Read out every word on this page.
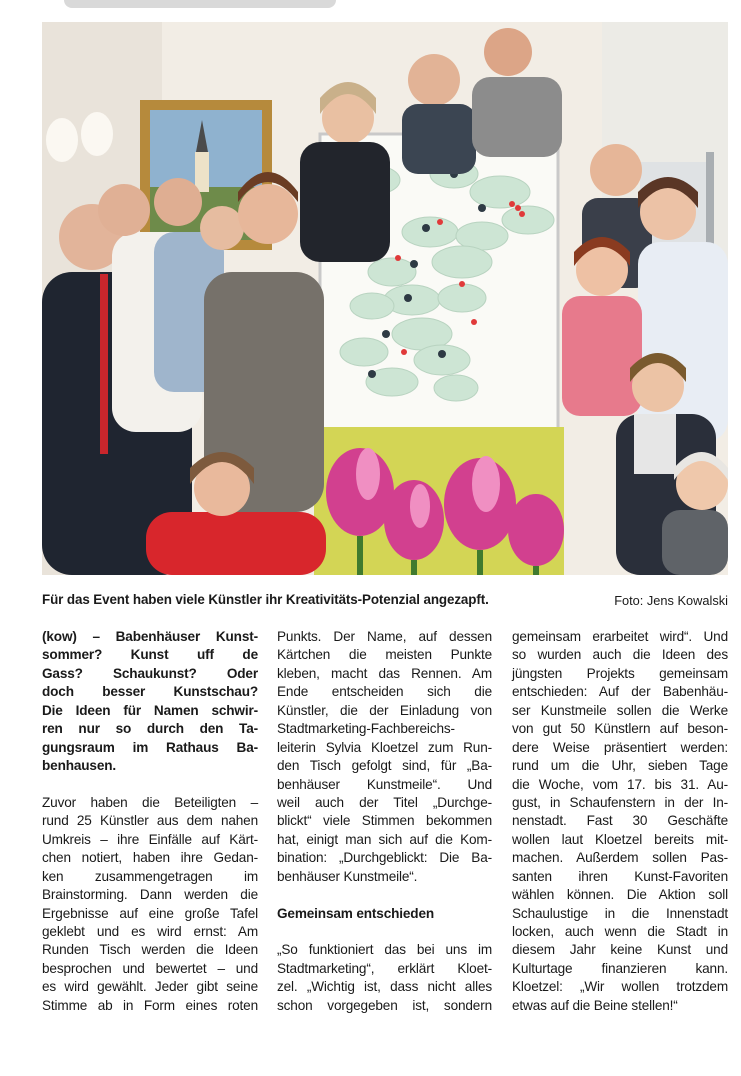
Für das Event haben viele Künstler ihr Kreativitäts-Potenzial angezapft.	Foto: Jens Kowalski
(kow) – Babenhäuser Kunst-
sommer? Kunst uff de
Gass? Schaukunst? Oder
doch besser Kunstschau?
Die Ideen für Namen schwir-
ren nur so durch den Ta-
gungsraum im Rathaus Ba-
benhausen.
Zuvor haben die Beteiligten –
rund 25 Künstler aus dem nahen
Umkreis – ihre Einfälle auf Kärt-
chen notiert, haben ihre Gedan-
ken zusammengetragen im
Brainstorming. Dann werden die
Ergebnisse auf eine große Tafel
geklebt und es wird ernst: Am
Runden Tisch werden die Ideen
besprochen und bewertet – und
es wird gewählt. Jeder gibt seine
Stimme ab in Form eines roten
Punkts. Der Name, auf dessen
Kärtchen die meisten Punkte
kleben, macht das Rennen. Am
Ende entscheiden sich die
Künstler, die der Einladung von
Stadtmarketing-Fachbereichs-
leiterin Sylvia Kloetzel zum Run-
den Tisch gefolgt sind, für „Ba-
benhäuser Kunstmeile“. Und
weil auch der Titel „Durchge-
blickt“ viele Stimmen bekommen
hat, einigt man sich auf die Kom-
bination: „Durchgeblickt: Die Ba-
benhäuser Kunstmeile“.
Gemeinsam entschieden
„So funktioniert das bei uns im
Stadtmarketing“, erklärt Kloet-
zel. „Wichtig ist, dass nicht alles
schon vorgegeben ist, sondern
gemeinsam erarbeitet wird“. Und
so wurden auch die Ideen des
jüngsten Projekts gemeinsam
entschieden: Auf der Babenhäu-
ser Kunstmeile sollen die Werke
von gut 50 Künstlern auf beson-
dere Weise präsentiert werden:
rund um die Uhr, sieben Tage
die Woche, vom 17. bis 31. Au-
gust, in Schaufenstern in der In-
nenstadt. Fast 30 Geschäfte
wollen laut Kloetzel bereits mit-
machen. Außerdem sollen Pas-
santen ihren Kunst-Favoriten
wählen können. Die Aktion soll
Schaulustige in die Innenstadt
locken, auch wenn die Stadt in
diesem Jahr keine Kunst und
Kulturtage finanzieren kann.
Kloetzel: „Wir wollen trotzdem
etwas auf die Beine stellen!“
